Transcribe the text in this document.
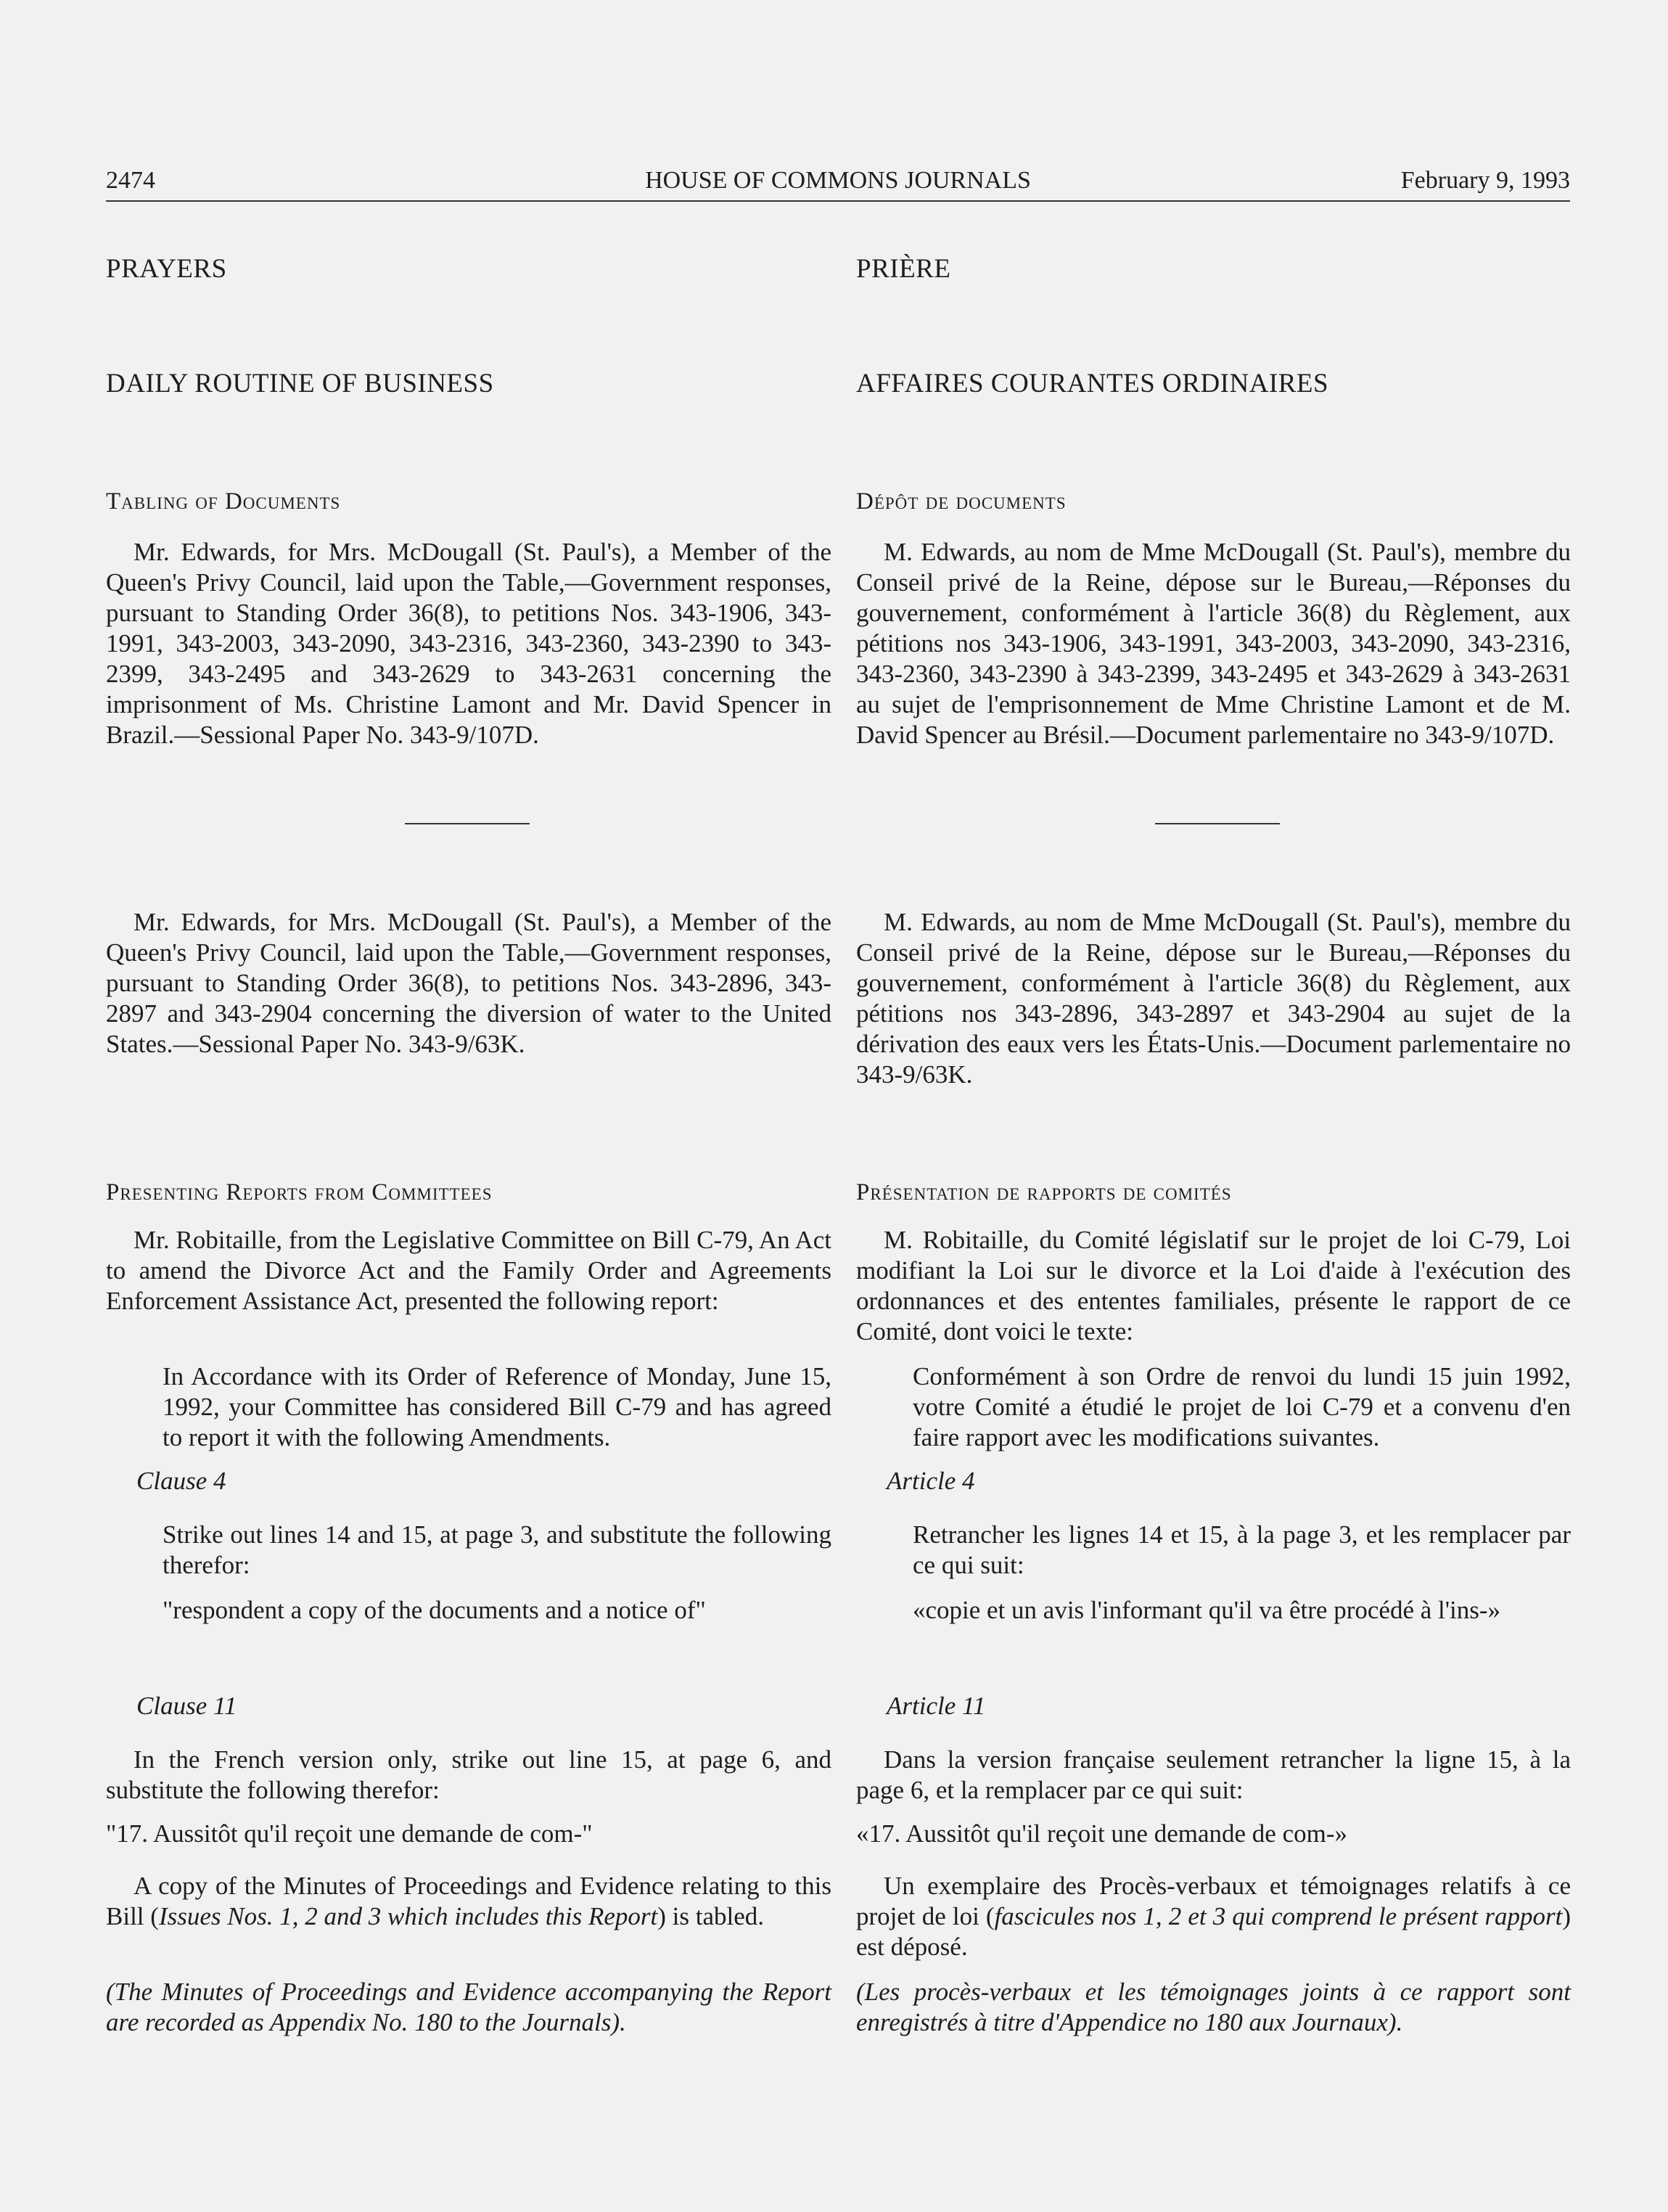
2474	HOUSE OF COMMONS JOURNALS	February 9, 1993

PRAYERS

DAILY ROUTINE OF BUSINESS

Tabling of Documents

Mr. Edwards, for Mrs. McDougall (St. Paul's), a Member of the Queen's Privy Council, laid upon the Table,—Government responses, pursuant to Standing Order 36(8), to petitions Nos. 343-1906, 343-1991, 343-2003, 343-2090, 343-2316, 343-2360, 343-2390 to 343-2399, 343-2495 and 343-2629 to 343-2631 concerning the imprisonment of Ms. Christine Lamont and Mr. David Spencer in Brazil.—Sessional Paper No. 343-9/107D.

Mr. Edwards, for Mrs. McDougall (St. Paul's), a Member of the Queen's Privy Council, laid upon the Table,—Government responses, pursuant to Standing Order 36(8), to petitions Nos. 343-2896, 343-2897 and 343-2904 concerning the diversion of water to the United States.—Sessional Paper No. 343-9/63K.

Presenting Reports from Committees

Mr. Robitaille, from the Legislative Committee on Bill C-79, An Act to amend the Divorce Act and the Family Order and Agreements Enforcement Assistance Act, presented the following report:

In Accordance with its Order of Reference of Monday, June 15, 1992, your Committee has considered Bill C-79 and has agreed to report it with the following Amendments.

Clause 4

Strike out lines 14 and 15, at page 3, and substitute the following therefor:

"respondent a copy of the documents and a notice of"

Clause 11

In the French version only, strike out line 15, at page 6, and substitute the following therefor:

"17. Aussitôt qu'il reçoit une demande de com-"

A copy of the Minutes of Proceedings and Evidence relating to this Bill (Issues Nos. 1, 2 and 3 which includes this Report) is tabled.

(The Minutes of Proceedings and Evidence accompanying the Report are recorded as Appendix No. 180 to the Journals).

PRIÈRE

AFFAIRES COURANTES ORDINAIRES

Dépôt de documents

M. Edwards, au nom de Mme McDougall (St. Paul's), membre du Conseil privé de la Reine, dépose sur le Bureau,—Réponses du gouvernement, conformément à l'article 36(8) du Règlement, aux pétitions nos 343-1906, 343-1991, 343-2003, 343-2090, 343-2316, 343-2360, 343-2390 à 343-2399, 343-2495 et 343-2629 à 343-2631 au sujet de l'emprisonnement de Mme Christine Lamont et de M. David Spencer au Brésil.—Document parlementaire no 343-9/107D.

M. Edwards, au nom de Mme McDougall (St. Paul's), membre du Conseil privé de la Reine, dépose sur le Bureau,—Réponses du gouvernement, conformément à l'article 36(8) du Règlement, aux pétitions nos 343-2896, 343-2897 et 343-2904 au sujet de la dérivation des eaux vers les États-Unis.—Document parlementaire no 343-9/63K.

Présentation de rapports de comités

M. Robitaille, du Comité législatif sur le projet de loi C-79, Loi modifiant la Loi sur le divorce et la Loi d'aide à l'exécution des ordonnances et des ententes familiales, présente le rapport de ce Comité, dont voici le texte:

Conformément à son Ordre de renvoi du lundi 15 juin 1992, votre Comité a étudié le projet de loi C-79 et a convenu d'en faire rapport avec les modifications suivantes.

Article 4

Retrancher les lignes 14 et 15, à la page 3, et les remplacer par ce qui suit:

«copie et un avis l'informant qu'il va être procédé à l'ins-»

Article 11

Dans la version française seulement retrancher la ligne 15, à la page 6, et la remplacer par ce qui suit:

«17. Aussitôt qu'il reçoit une demande de com-»

Un exemplaire des Procès-verbaux et témoignages relatifs à ce projet de loi (fascicules nos 1, 2 et 3 qui comprend le présent rapport) est déposé.

(Les procès-verbaux et les témoignages joints à ce rapport sont enregistrés à titre d'Appendice no 180 aux Journaux).
